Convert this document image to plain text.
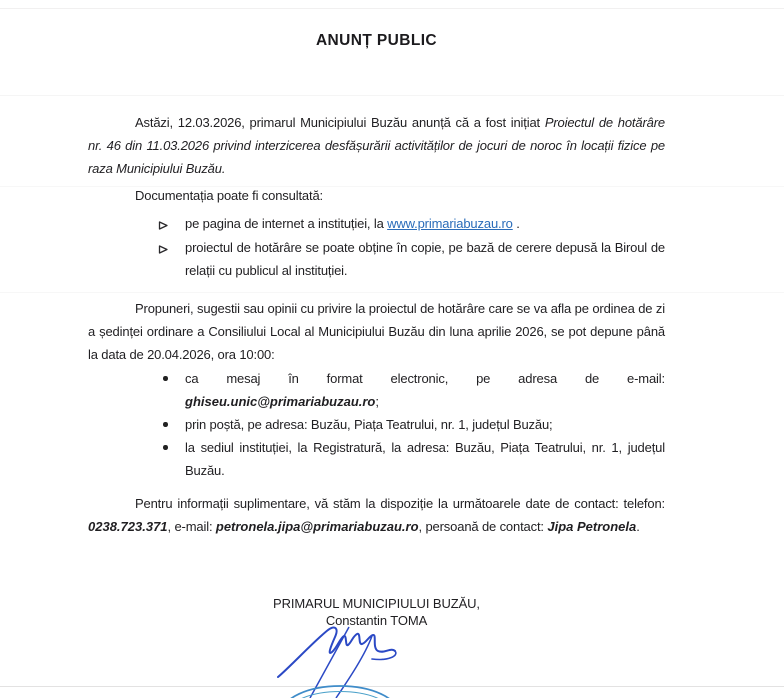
ANUNȚ PUBLIC

Astăzi, 12.03.2026, primarul Municipiului Buzău anunță că a fost inițiat Proiectul de hotărâre nr. 46 din 11.03.2026 privind interzicerea desfășurării activităților de jocuri de noroc în locații fizice pe raza Municipiului Buzău.

Documentația poate fi consultată:

pe pagina de internet a instituției, la www.primariabuzau.ro .
proiectul de hotărâre se poate obține în copie, pe bază de cerere depusă la Biroul de relații cu publicul al instituției.

Propuneri, sugestii sau opinii cu privire la proiectul de hotărâre care se va afla pe ordinea de zi a ședinței ordinare a Consiliului Local al Municipiului Buzău din luna aprilie 2026, se pot depune până la data de 20.04.2026, ora 10:00:

ca mesaj în format electronic, pe adresa de e-mail: ghiseu.unic@primariabuzau.ro;
prin poștă, pe adresa: Buzău, Piața Teatrului, nr. 1, județul Buzău;
la sediul instituției, la Registratură, la adresa: Buzău, Piața Teatrului, nr. 1, județul Buzău.

Pentru informații suplimentare, vă stăm la dispoziție la următoarele date de contact: telefon: 0238.723.371, e-mail: petronela.jipa@primariabuzau.ro, persoană de contact: Jipa Petronela.

PRIMARUL MUNICIPIULUI BUZĂU,
Constantin TOMA
